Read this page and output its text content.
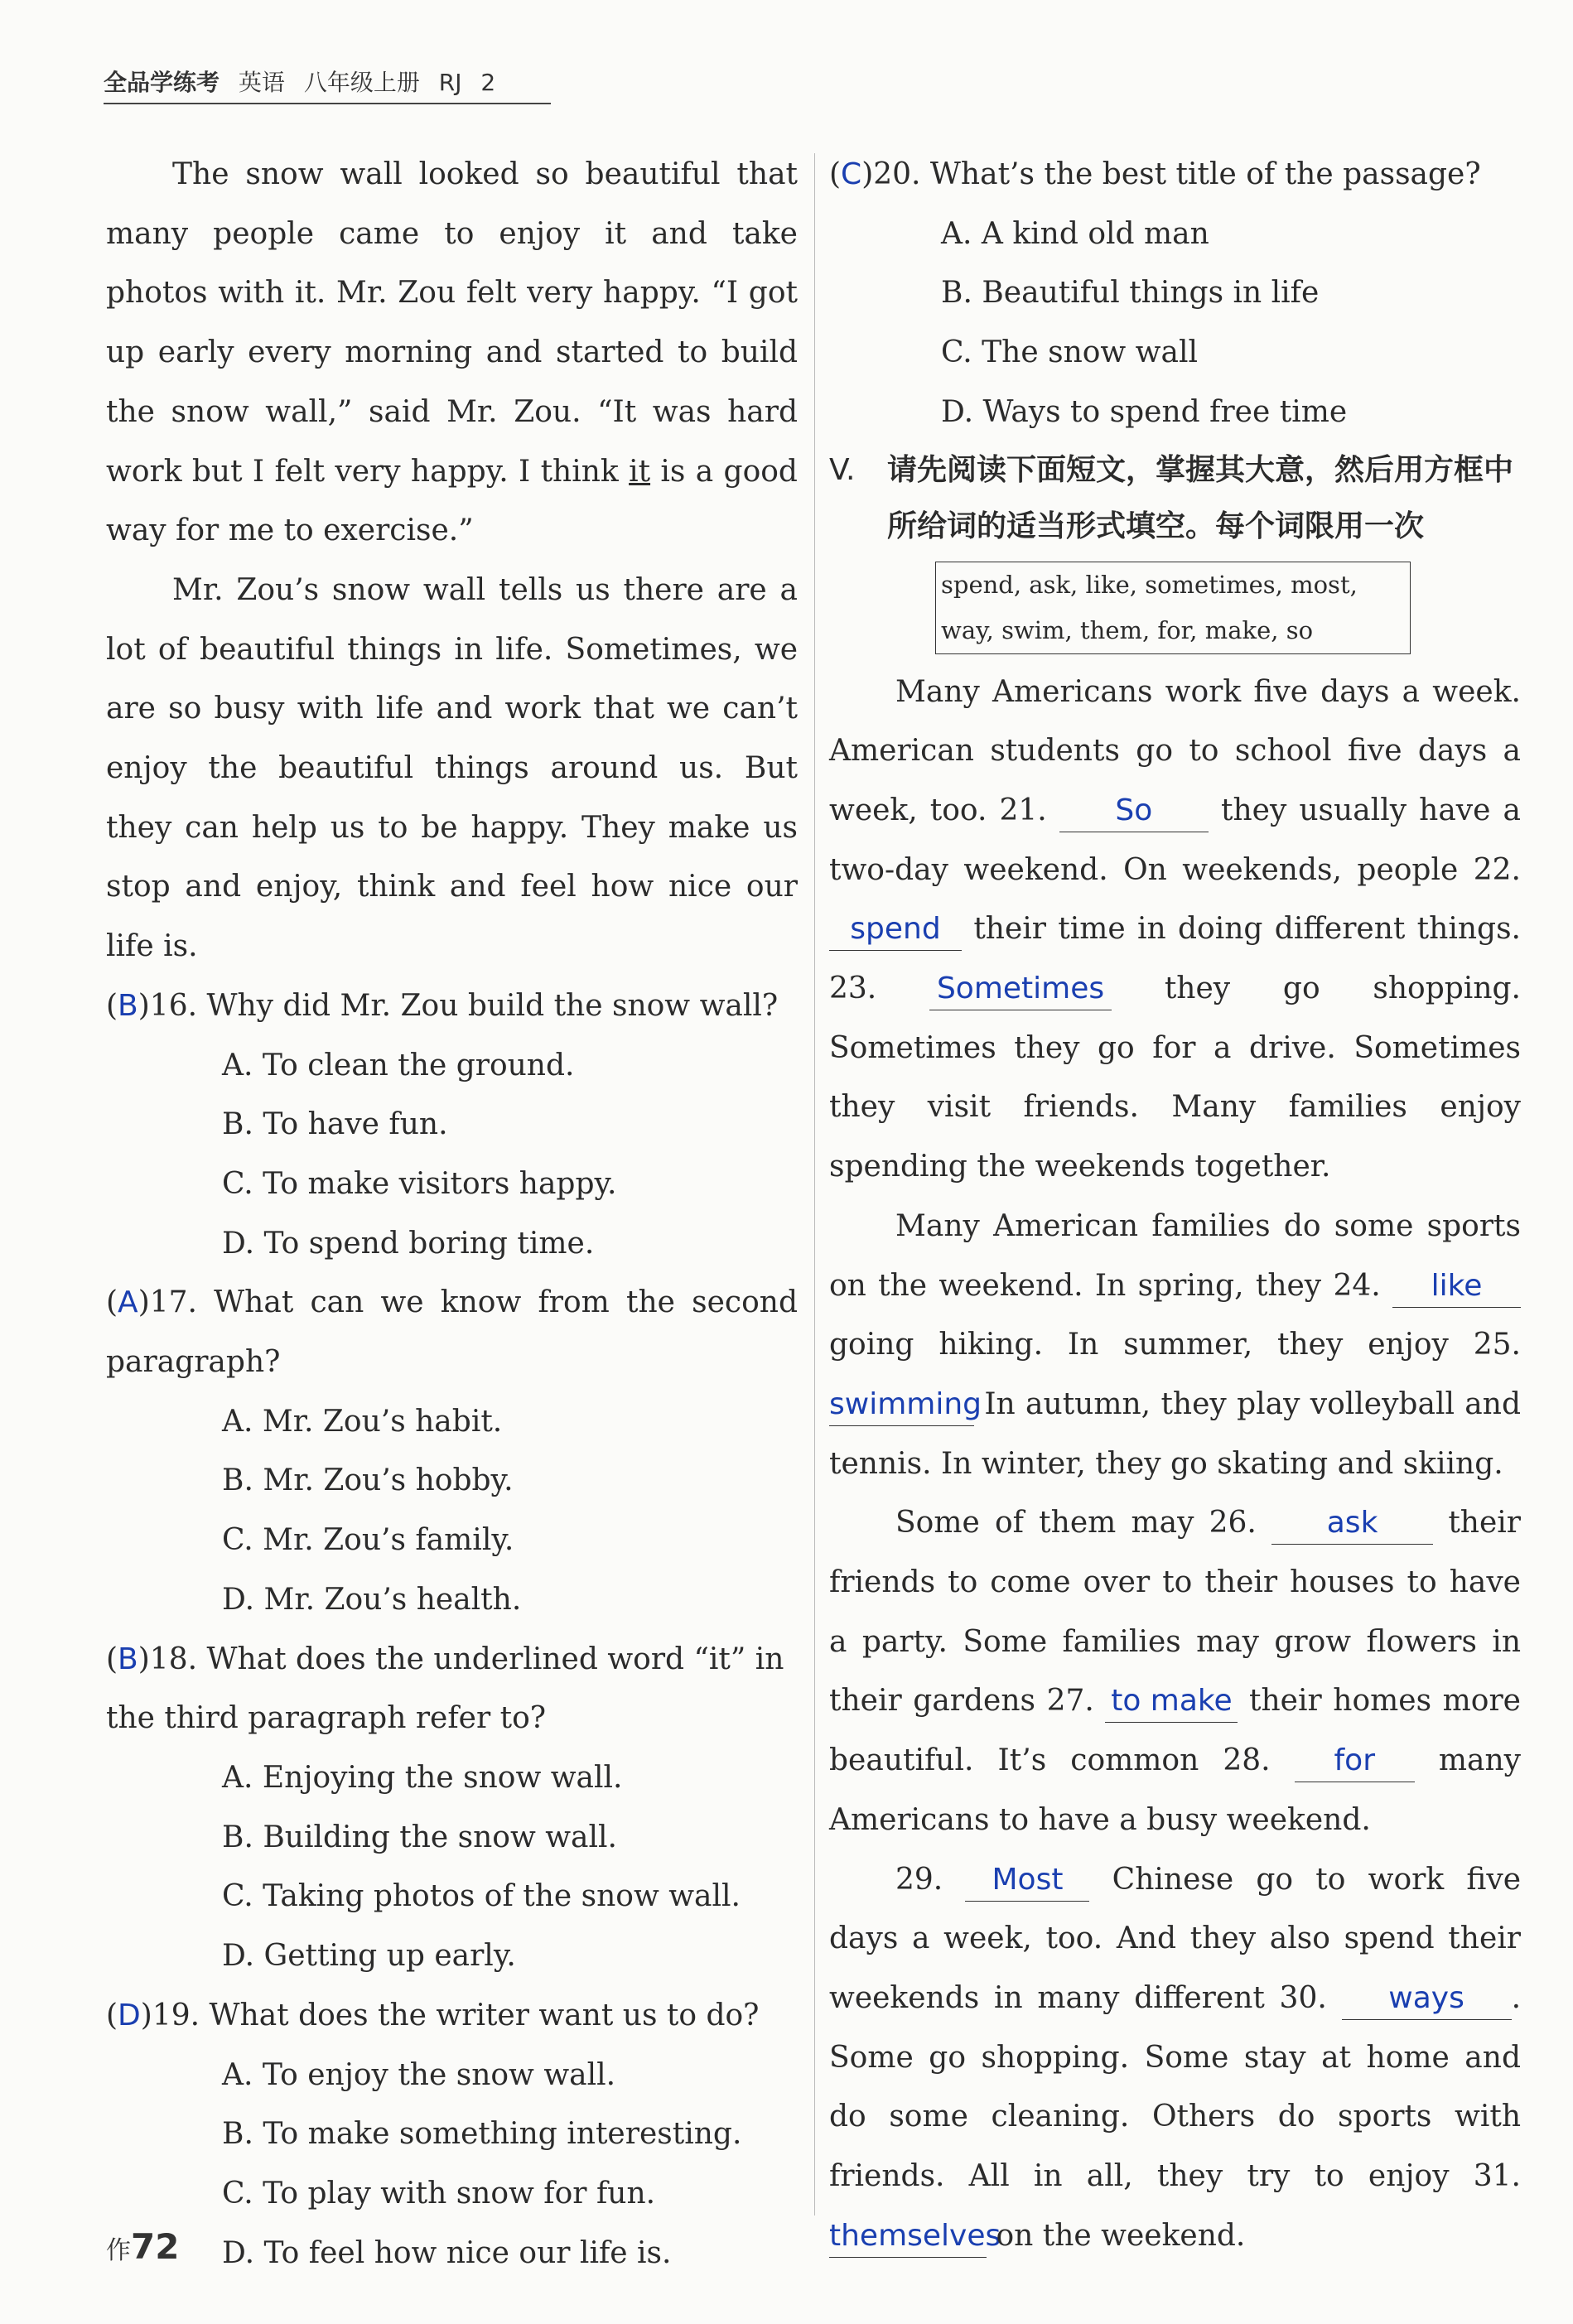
全品学练考 英语 八年级上册 RJ 2

The snow wall looked so beautiful that many people came to enjoy it and take photos with it. Mr. Zou felt very happy. “I got up early every morning and started to build the snow wall,” said Mr. Zou. “It was hard work but I felt very happy. I think it is a good way for me to exercise.”

Mr. Zou’s snow wall tells us there are a lot of beautiful things in life. Sometimes, we are so busy with life and work that we can’t enjoy the beautiful things around us. But they can help us to be happy. They make us stop and enjoy, think and feel how nice our life is.

(B)16. Why did Mr. Zou build the snow wall?

A. To clean the ground.

B. To have fun.

C. To make visitors happy.

D. To spend boring time.

(A)17. What can we know from the second paragraph?

A. Mr. Zou’s habit.

B. Mr. Zou’s hobby.

C. Mr. Zou’s family.

D. Mr. Zou’s health.

(B)18. What does the underlined word “it” in the third paragraph refer to?

A. Enjoying the snow wall.

B. Building the snow wall.

C. Taking photos of the snow wall.

D. Getting up early.

(D)19. What does the writer want us to do?

A. To enjoy the snow wall.

B. To make something interesting.

C. To play with snow for fun.

D. To feel how nice our life is.

(C)20. What’s the best title of the passage?

A. A kind old man

B. Beautiful things in life

C. The snow wall

D. Ways to spend free time

V.	请先阅读下面短文，掌握其大意，然后用方框中所给词的适当形式填空。每个词限用一次
spend, ask, like, sometimes, most,
way, swim, them, for, make, so

Many Americans work five days a week. American students go to school five days a week, too. 21. So they usually have a two-day weekend. On weekends, people 22. spend their time in doing different things. 23. Sometimes they go shopping. Sometimes they go for a drive. Sometimes they visit friends. Many families enjoy spending the weekends together.

Many American families do some sports on the weekend. In spring, they 24. like going hiking. In summer, they enjoy 25. swimming In autumn, they play volleyball and tennis. In winter, they go skating and skiing.

Some of them may 26. ask their friends to come over to their houses to have a party. Some families may grow flowers in their gardens 27. to make their homes more beautiful. It’s common 28. for many Americans to have a busy weekend.

29. Most Chinese go to work five days a week, too. And they also spend their weekends in many different 30. ways . Some go shopping. Some stay at home and do some cleaning. Others do sports with friends. All in all, they try to enjoy 31. themselves on the weekend.

作72
